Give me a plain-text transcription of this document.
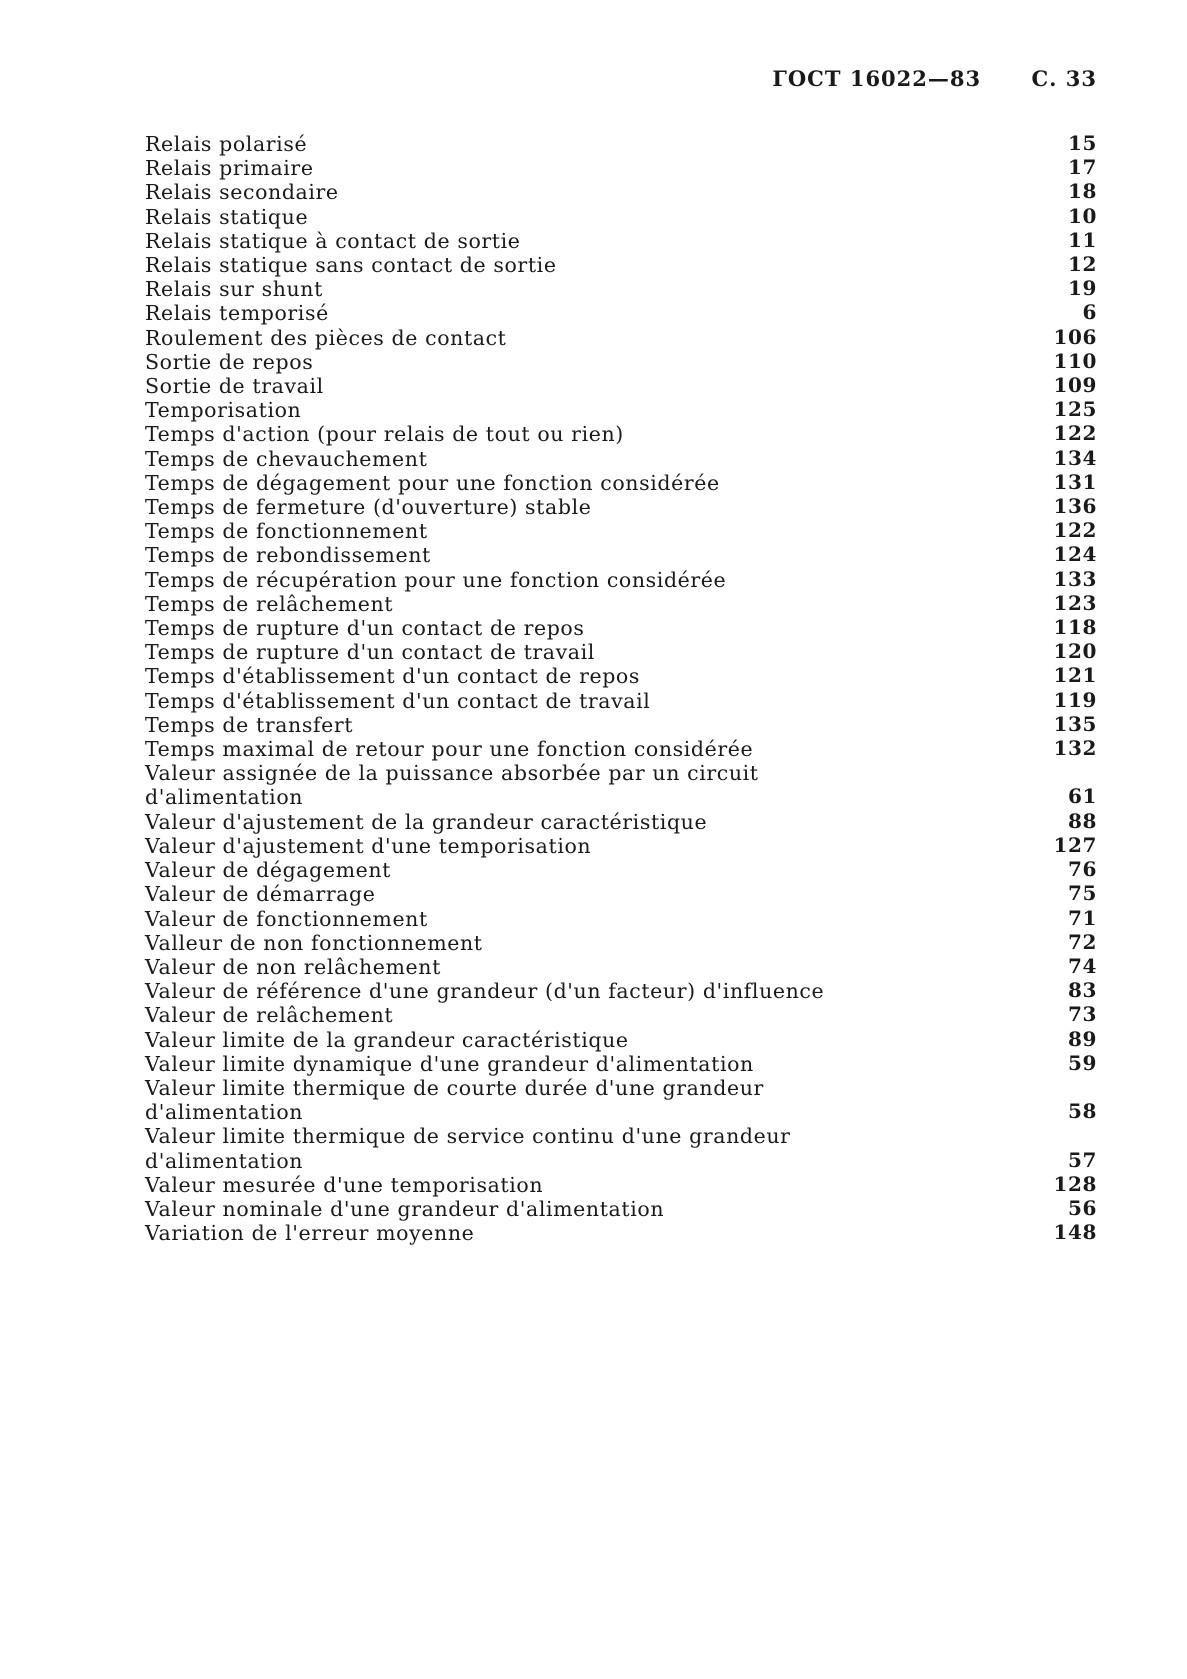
ГОСТ 16022—83 С. 33
Relais polarisé	15
Relais primaire	17
Relais secondaire	18
Relais statique	10
Relais statique à contact de sortie	11
Relais statique sans contact de sortie	12
Relais sur shunt	19
Relais temporisé	6
Roulement des pièces de contact	106
Sortie de repos	110
Sortie de travail	109
Temporisation	125
Temps d'action (pour relais de tout ou rien)	122
Temps de chevauchement	134
Temps de dégagement pour une fonction considérée	131
Temps de fermeture (d'ouverture) stable	136
Temps de fonctionnement	122
Temps de rebondissement	124
Temps de récupération pour une fonction considérée	133
Temps de relâchement	123
Temps de rupture d'un contact de repos	118
Temps de rupture d'un contact de travail	120
Temps d'établissement d'un contact de repos	121
Temps d'établissement d'un contact de travail	119
Temps de transfert	135
Temps maximal de retour pour une fonction considérée	132
Valeur assignée de la puissance absorbée par un circuit
d'alimentation	61
Valeur d'ajustement de la grandeur caractéristique	88
Valeur d'ajustement d'une temporisation	127
Valeur de dégagement	76
Valeur de démarrage	75
Valeur de fonctionnement	71
Valleur de non fonctionnement	72
Valeur de non relâchement	74
Valeur de référence d'une grandeur (d'un facteur) d'influence	83
Valeur de relâchement	73
Valeur limite de la grandeur caractéristique	89
Valeur limite dynamique d'une grandeur d'alimentation	59
Valeur limite thermique de courte durée d'une grandeur
d'alimentation	58
Valeur limite thermique de service continu d'une grandeur
d'alimentation	57
Valeur mesurée d'une temporisation	128
Valeur nominale d'une grandeur d'alimentation	56
Variation de l'erreur moyenne	148
